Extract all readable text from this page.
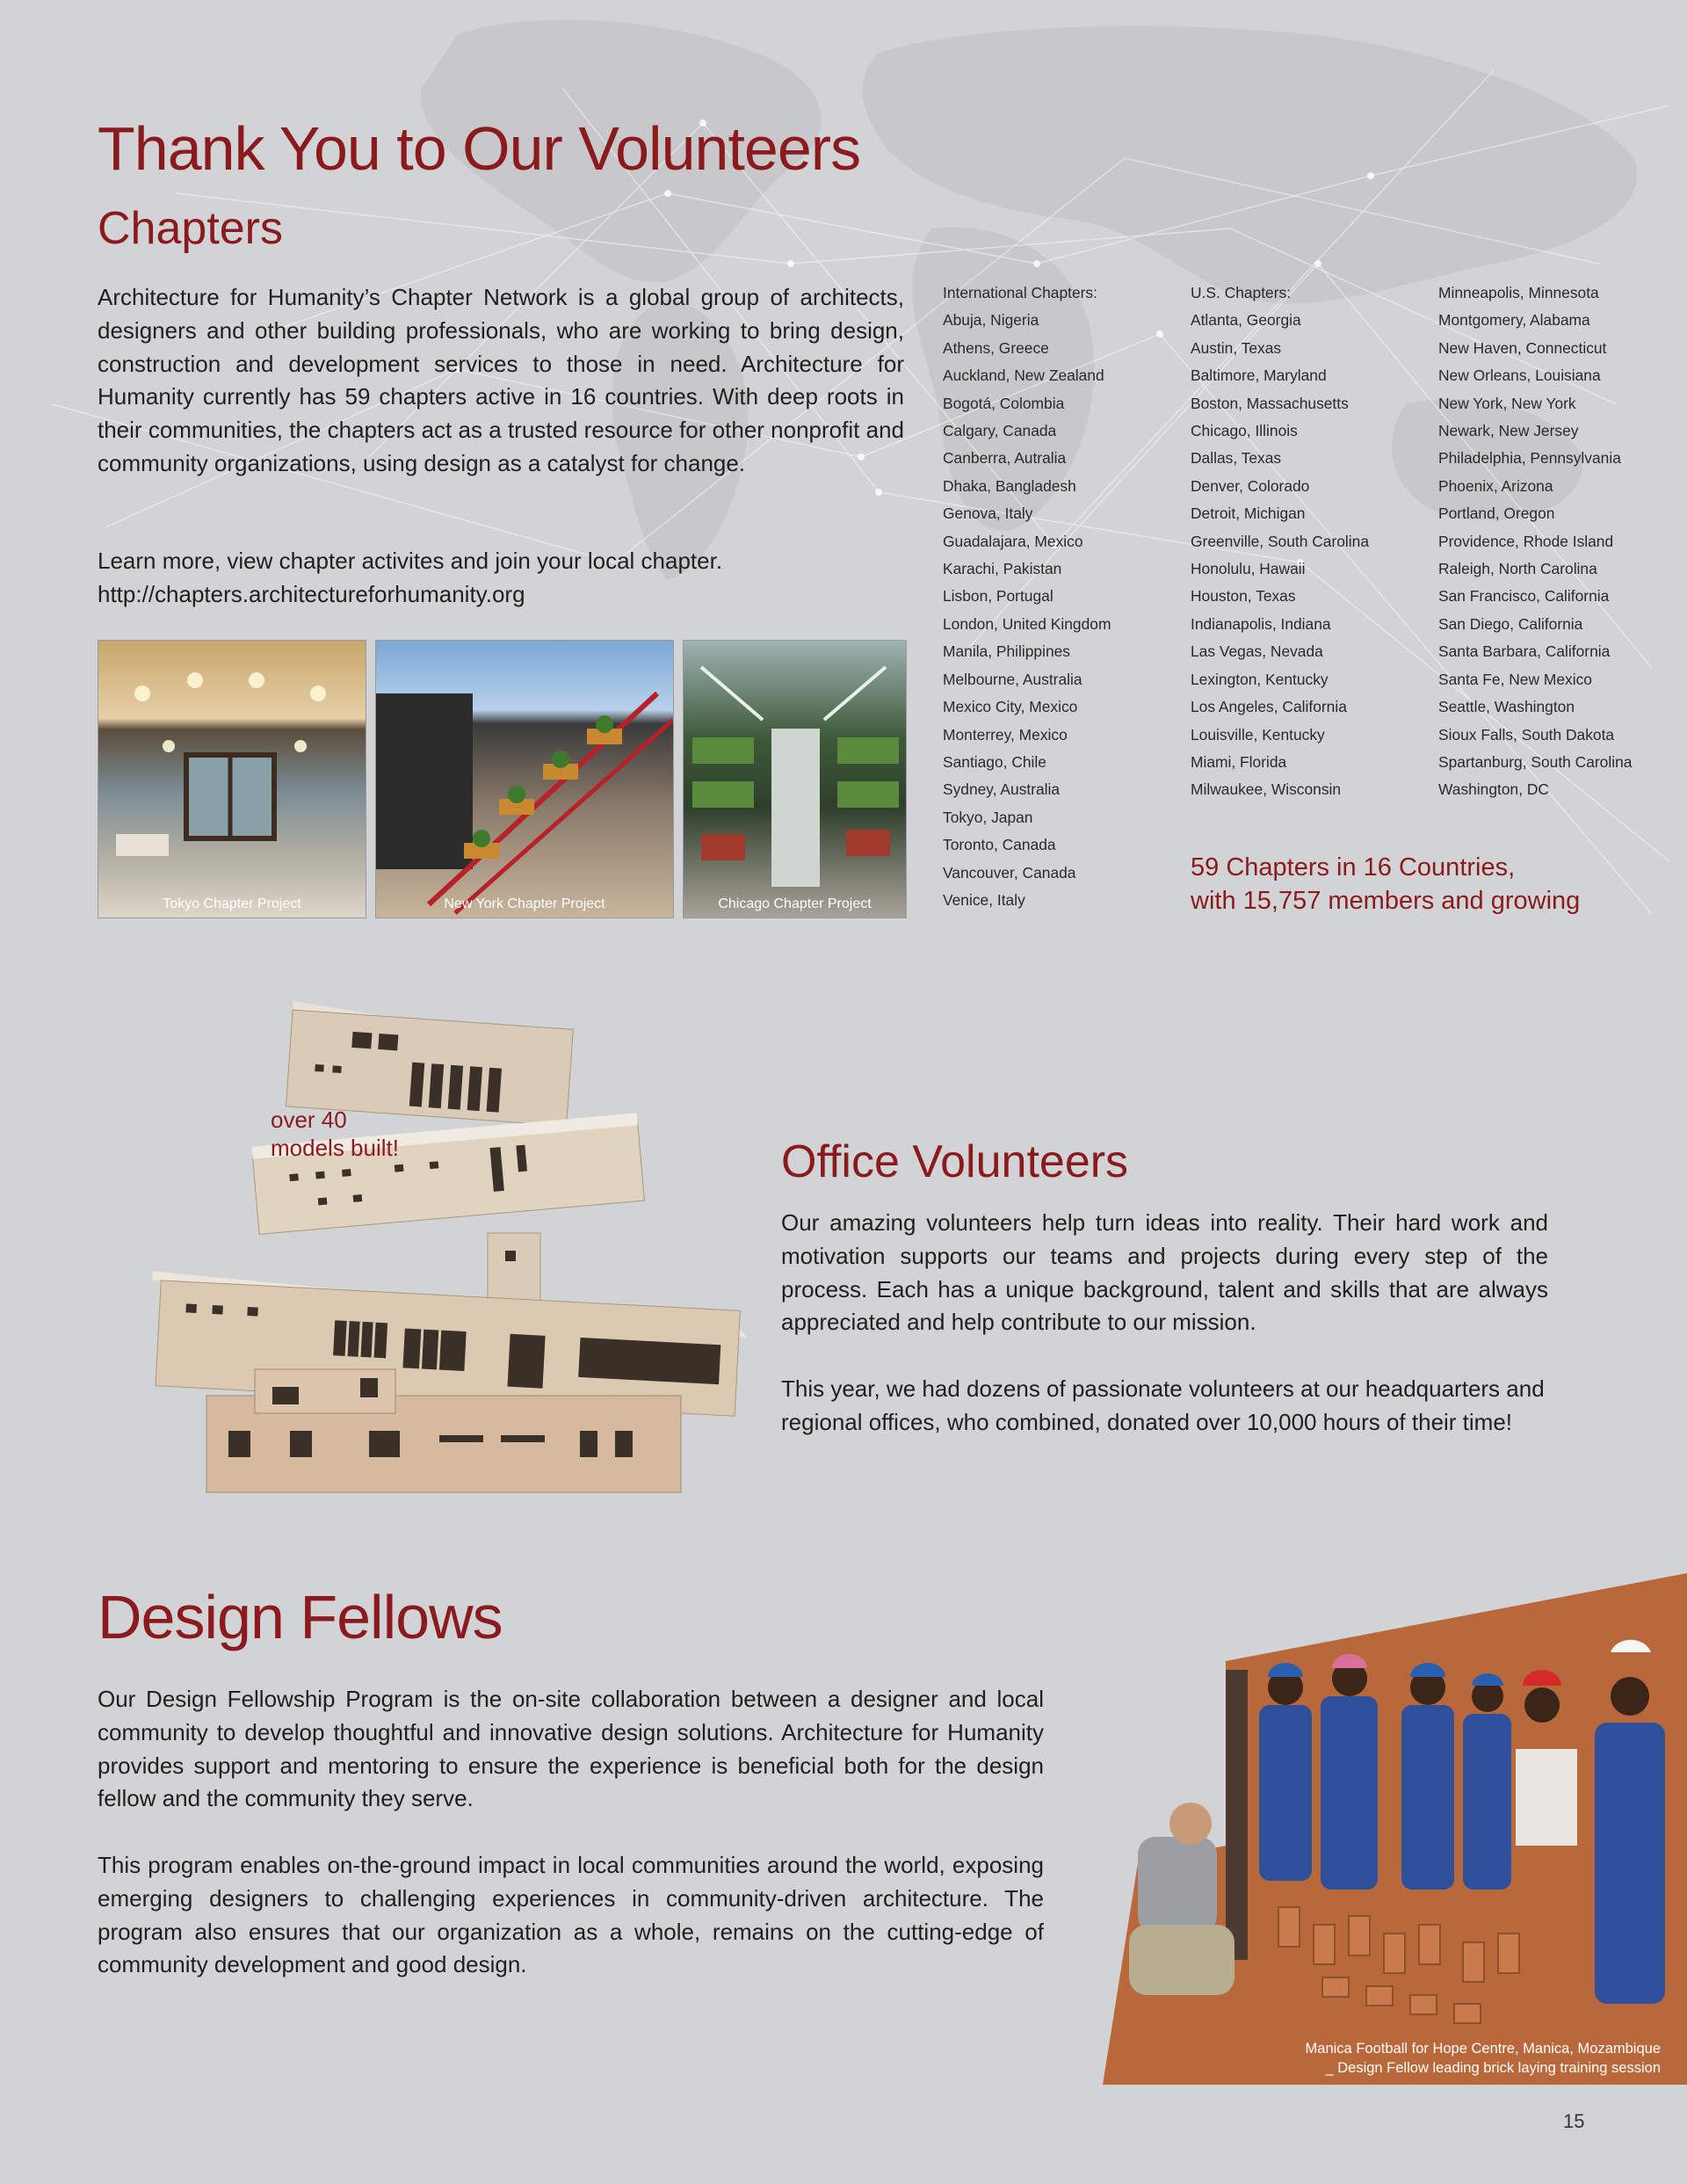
Thank You to Our Volunteers
Chapters

Architecture for Humanity’s Chapter Network is a global group of architects, designers and other building professionals, who are working to bring design, construction and development services to those in need. Architecture for Humanity currently has 59 chapters active in 16 countries. With deep roots in their communities, the chapters act as a trusted resource for other nonprofit and community organizations, using design as a catalyst for change.

Learn more, view chapter activites and join your local chapter.

http://chapters.architectureforhumanity.org
Tokyo Chapter Project	New York Chapter Project	Chicago Chapter Project
International Chapters:
Abuja, Nigeria
Athens, Greece
Auckland, New Zealand
Bogotá, Colombia
Calgary, Canada
Canberra, Autralia
Dhaka, Bangladesh
Genova, Italy
Guadalajara, Mexico
Karachi, Pakistan
Lisbon, Portugal
London, United Kingdom
Manila, Philippines
Melbourne, Australia
Mexico City, Mexico
Monterrey, Mexico
Santiago, Chile
Sydney, Australia
Tokyo, Japan
Toronto, Canada
Vancouver, Canada
Venice, Italy
U.S. Chapters:
Atlanta, Georgia
Austin, Texas
Baltimore, Maryland
Boston, Massachusetts
Chicago, Illinois
Dallas, Texas
Denver, Colorado
Detroit, Michigan
Greenville, South Carolina
Honolulu, Hawaii
Houston, Texas
Indianapolis, Indiana
Las Vegas, Nevada
Lexington, Kentucky
Los Angeles, California
Louisville, Kentucky
Miami, Florida
Milwaukee, Wisconsin
Minneapolis, Minnesota
Montgomery, Alabama
New Haven, Connecticut
New Orleans, Louisiana
New York, New York
Newark, New Jersey
Philadelphia, Pennsylvania
Phoenix, Arizona
Portland, Oregon
Providence, Rhode Island
Raleigh, North Carolina
San Francisco, California
San Diego, California
Santa Barbara, California
Santa Fe, New Mexico
Seattle, Washington
Sioux Falls, South Dakota
Spartanburg, South Carolina
Washington, DC
59 Chapters in 16 Countries,
with 15,757 members and growing
over 40
models built!	Office Volunteers

Our amazing volunteers help turn ideas into reality. Their hard work and motivation supports our teams and projects during every step of the process. Each has a unique background, talent and skills that are always appreciated and help contribute to our mission.

This year, we had dozens of passionate volunteers at our headquarters and regional offices, who combined, donated over 10,000 hours of their time!

Design Fellows

Our Design Fellowship Program is the on-site collaboration between a designer and local community to develop thoughtful and innovative design solutions. Architecture for Humanity provides support and mentoring to ensure the experience is beneficial both for the design fellow and the community they serve.

This program enables on-the-ground impact in local communities around the world, exposing emerging designers to challenging experiences in community-driven architecture. The program also ensures that our organization as a whole, remains on the cutting-edge of community development and good design.

Manica Football for Hope Centre, Manica, Mozambique
_ Design Fellow leading brick laying training session
15
